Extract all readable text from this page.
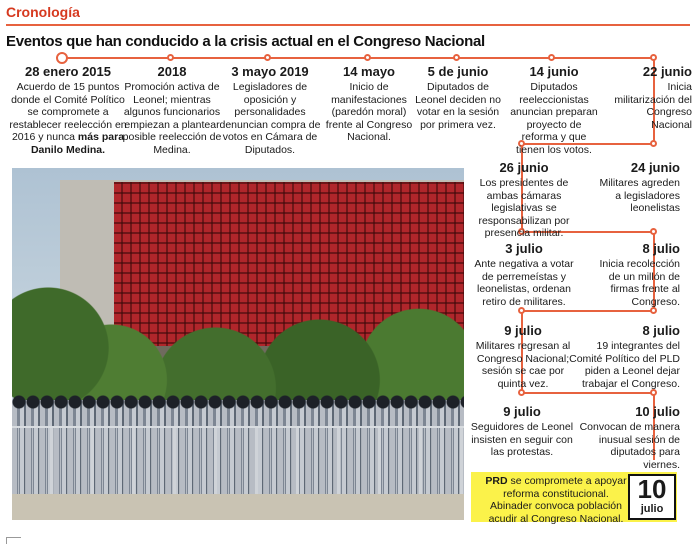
Cronología
Eventos que han conducido a la crisis actual en el Congreso Nacional
28 enero 2015
Acuerdo de 15 puntos donde el Comité Político se compromete a restablecer reelección en 2016 y nunca más para Danilo Medina.
2018
Promoción activa de Leonel; mientras algunos funcionarios empiezan a plantear posible reelección de Medina.
3 mayo 2019
Legisladores de oposición y personalidades denuncian compra de votos en Cámara de Diputados.
14 mayo
Inicio de manifestaciones (paredón moral) frente al Congreso Nacional.
5 de junio
Diputados de Leonel deciden no votar en la sesión por primera vez.
14 junio
Diputados reeleccionistas anuncian preparan proyecto de reforma y que tienen los votos.
22 junio
Inicia militarización del Congreso Nacional
26 junio
Los presidentes de ambas cámaras legislativas se responsabilizan por presencia militar.
24 junio
Militares agreden a legisladores leonelistas
3 julio
Ante negativa a votar de perremeístas y leonelistas, ordenan retiro de militares.
8 julio
Inicia recolección de un millón de firmas frente al Congreso.
9 julio
Militares regresan al Congreso Nacional; sesión se cae por quinta vez.
8 julio
19 integrantes del Comité Político del PLD piden a Leonel dejar trabajar el Congreso.
9 julio
Seguidores de Leonel insisten en seguir con las protestas.
10 julio
Convocan de manera inusual sesión de diputados para viernes.
PRD se compromete a apoyar reforma constitucional. Abinader convoca población acudir al Congreso Nacional.
10
julio
